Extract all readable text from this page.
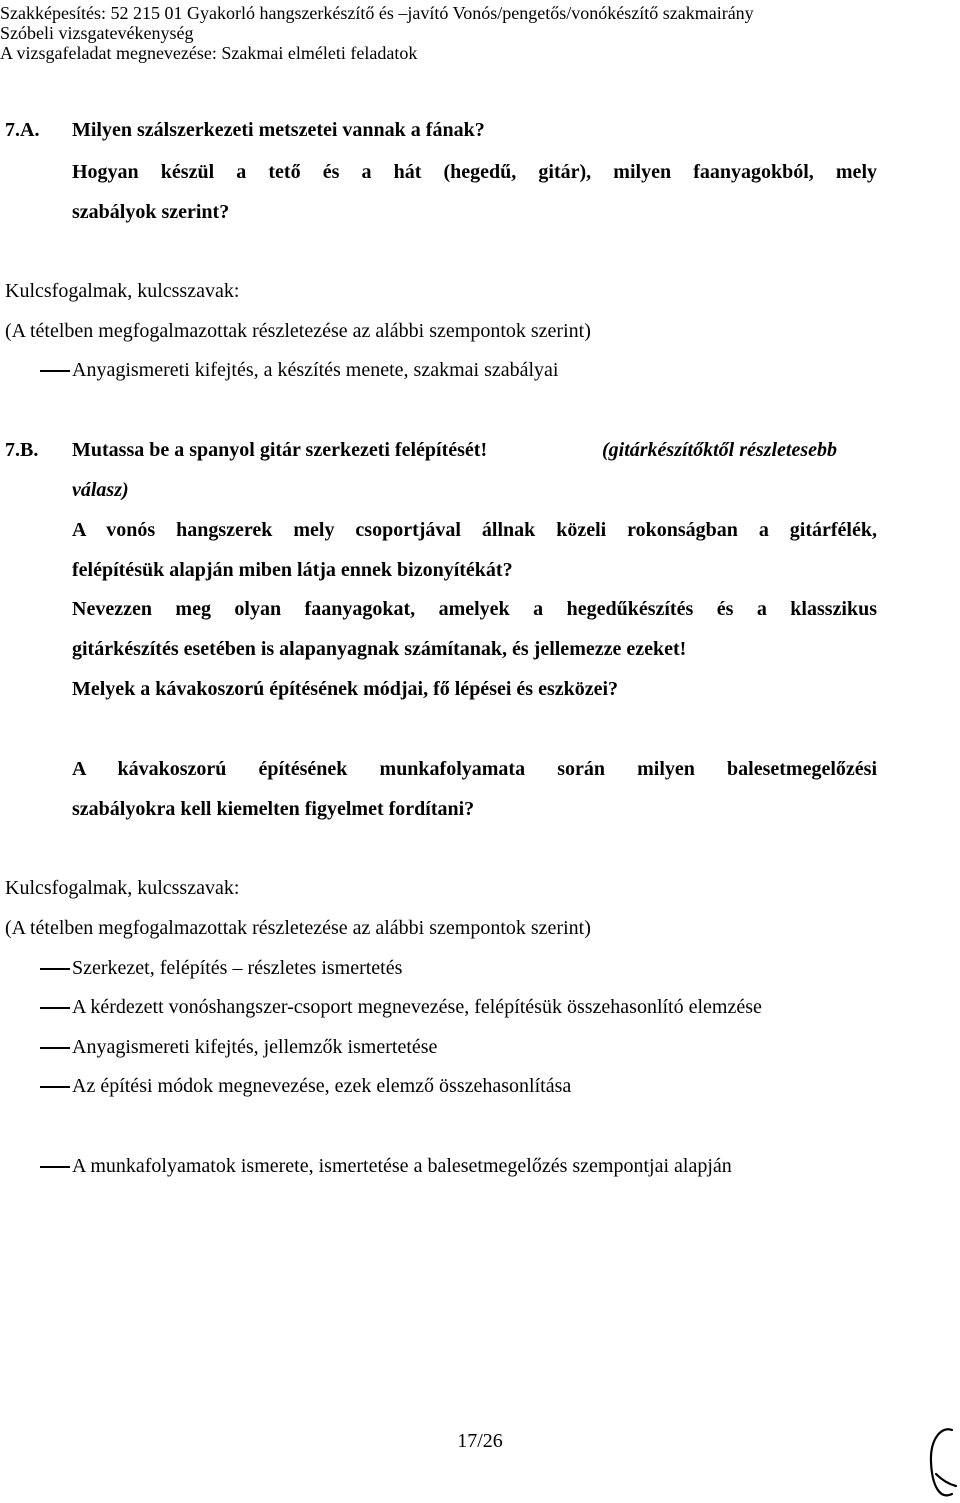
Szakképesítés: 52 215 01 Gyakorló hangszerkészítő és –javító Vonós/pengetős/vonókészítő szakmairány
Szóbeli vizsgatevékenység
A vizsgafeladat megnevezése: Szakmai elméleti feladatok
7.A.	Milyen szálszerkezeti metszetei vannak a fának?
Hogyan készül a tető és a hát (hegedű, gitár), milyen faanyagokból, mely
szabályok szerint?
Kulcsfogalmak, kulcsszavak:
(A tételben megfogalmazottak részletezése az alábbi szempontok szerint)
Anyagismereti kifejtés, a készítés menete, szakmai szabályai
7.B.	Mutassa be a spanyol gitár szerkezeti felépítését!	(gitárkészítőktől részletesebb
válasz)
A vonós hangszerek mely csoportjával állnak közeli rokonságban a gitárfélék,
felépítésük alapján miben látja ennek bizonyítékát?
Nevezzen meg olyan faanyagokat, amelyek a hegedűkészítés és a klasszikus
gitárkészítés esetében is alapanyagnak számítanak, és jellemezze ezeket!
Melyek a kávakoszorú építésének módjai, fő lépései és eszközei?
A kávakoszorú építésének munkafolyamata során milyen balesetmegelőzési
szabályokra kell kiemelten figyelmet fordítani?
Kulcsfogalmak, kulcsszavak:
(A tételben megfogalmazottak részletezése az alábbi szempontok szerint)
Szerkezet, felépítés – részletes ismertetés
A kérdezett vonóshangszer-csoport megnevezése, felépítésük összehasonlító elemzése
Anyagismereti kifejtés, jellemzők ismertetése
Az építési módok megnevezése, ezek elemző összehasonlítása
A munkafolyamatok ismerete, ismertetése a balesetmegelőzés szempontjai alapján
17/26
